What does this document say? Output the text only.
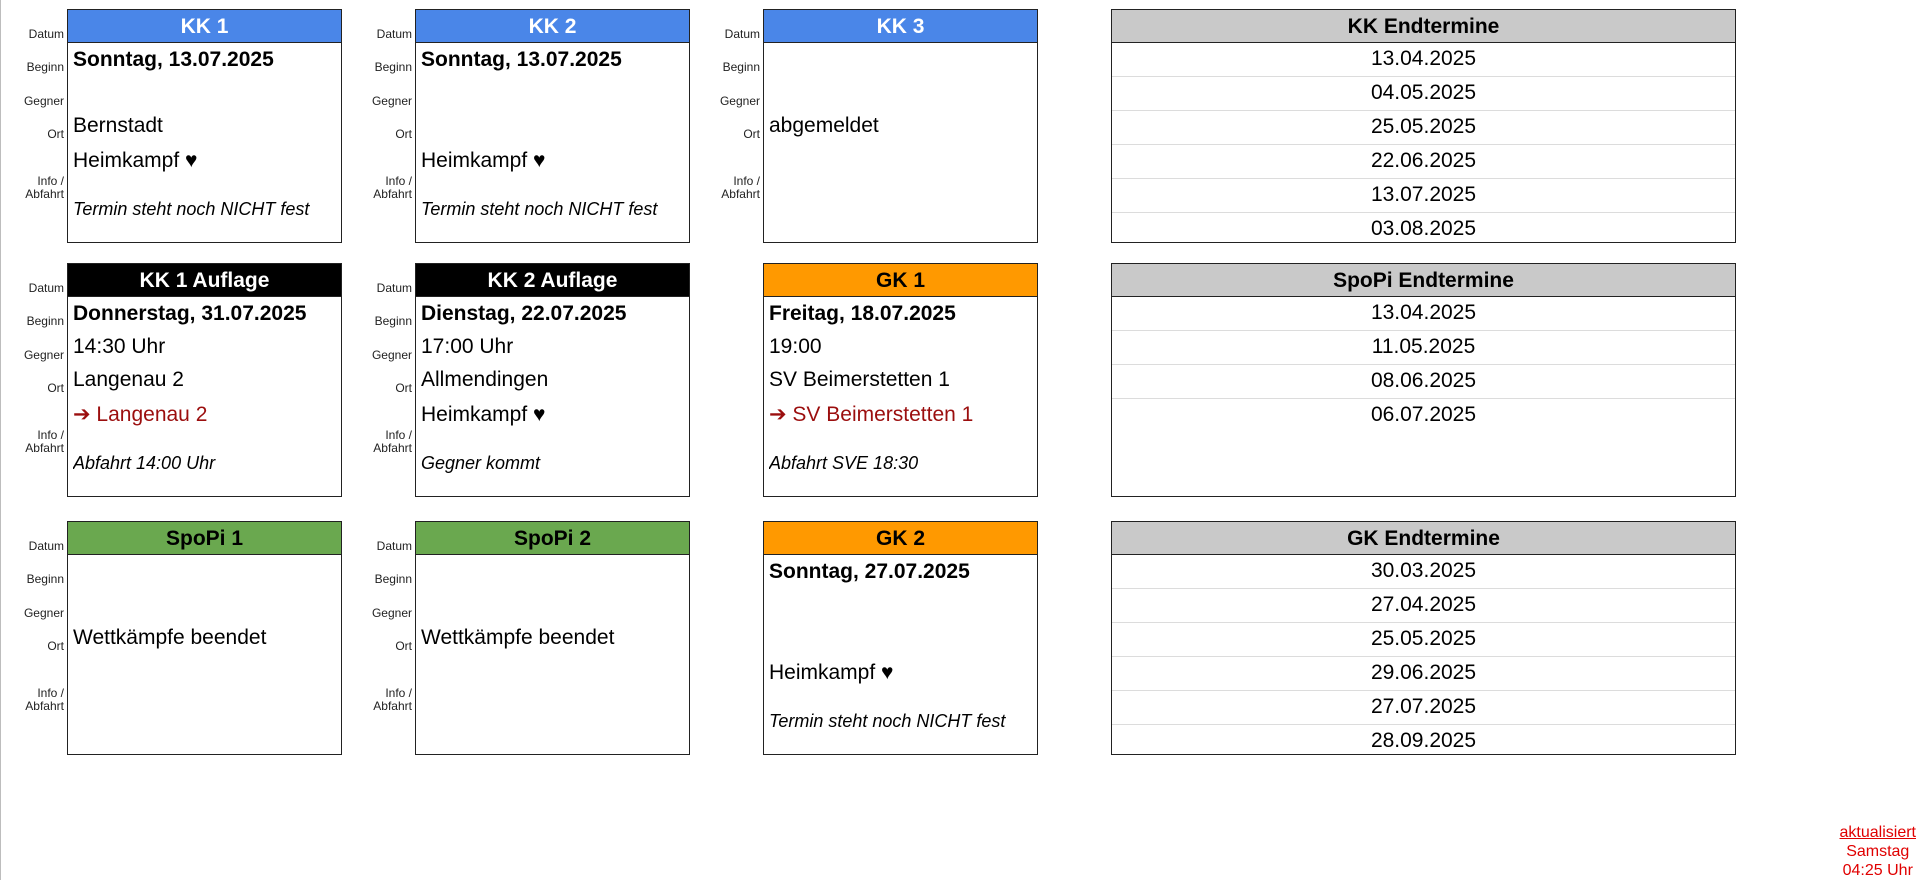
Datum
Beginn
Gegner
Ort
Info /
Abfahrt
Datum
Beginn
Gegner
Ort
Info /
Abfahrt
Datum
Beginn
Gegner
Ort
Info /
Abfahrt
Datum
Beginn
Gegner
Ort
Info /
Abfahrt
Datum
Beginn
Gegner
Ort
Info /
Abfahrt
Datum
Beginn
Gegner
Ort
Info /
Abfahrt
Datum
Beginn
Gegner
Ort
Info /
Abfahrt
KK 1
Sonntag, 13.07.2025
Bernstadt
Heimkampf ♥
Termin steht noch NICHT fest
KK 2
Sonntag, 13.07.2025
Heimkampf ♥
Termin steht noch NICHT fest
KK 3
abgemeldet
KK Endtermine
13.04.2025
04.05.2025
25.05.2025
22.06.2025
13.07.2025
03.08.2025
KK 1 Auflage
Donnerstag, 31.07.2025
14:30 Uhr
Langenau 2
➔ Langenau 2
Abfahrt 14:00 Uhr
KK 2 Auflage
Dienstag, 22.07.2025
17:00 Uhr
Allmendingen
Heimkampf ♥
Gegner kommt
GK 1
Freitag, 18.07.2025
19:00
SV Beimerstetten 1
➔ SV Beimerstetten 1
Abfahrt SVE 18:30
SpoPi Endtermine
13.04.2025
11.05.2025
08.06.2025
06.07.2025
SpoPi 1
Wettkämpfe beendet
SpoPi 2
Wettkämpfe beendet
GK 2
Sonntag, 27.07.2025
Heimkampf ♥
Termin steht noch NICHT fest
GK Endtermine
30.03.2025
27.04.2025
25.05.2025
29.06.2025
27.07.2025
28.09.2025
aktualisiert
Samstag
04:25 Uhr
